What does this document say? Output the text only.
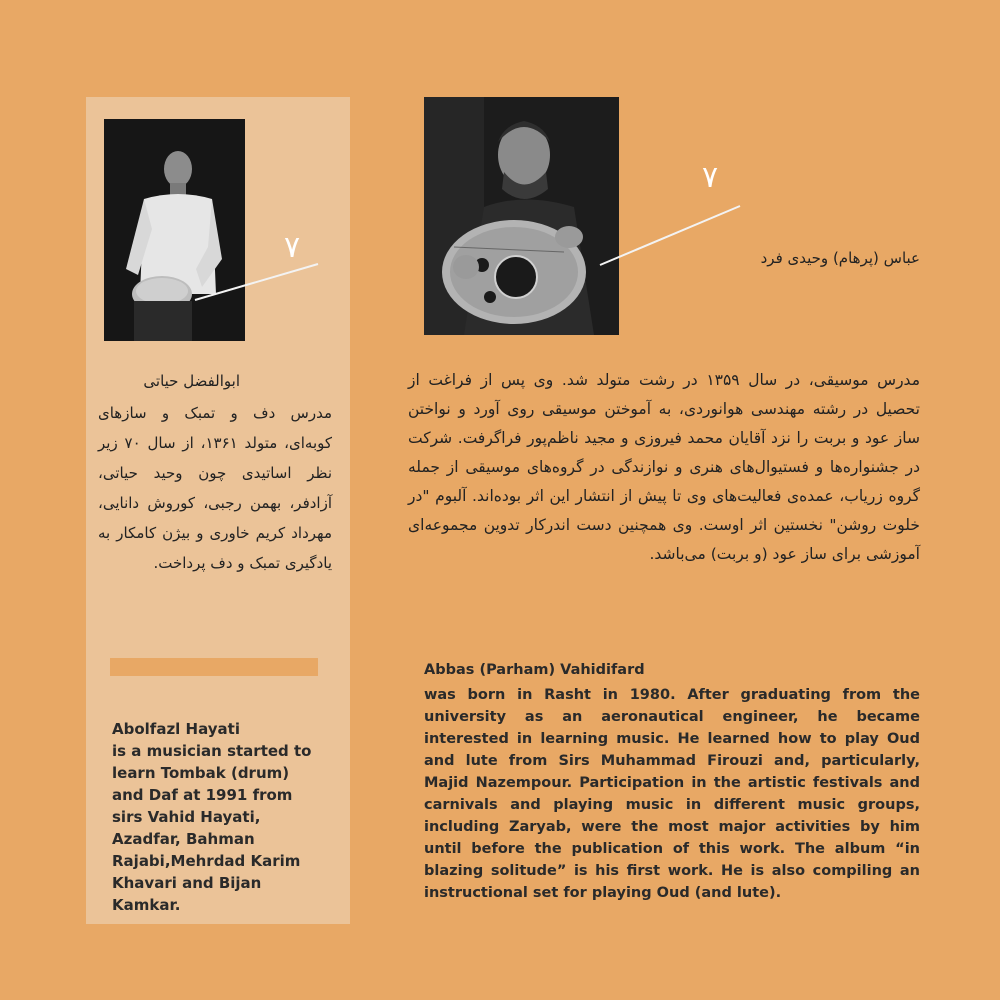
۷
۷
ابوالفضل حیاتی
مدرس دف و تمبک و سازهای کوبه‌ای، متولد ۱۳۶۱، از سال ۷۰ زیر نظر اساتیدی چون وحید حیاتی، آزادفر، بهمن رجبی، کوروش دانایی، مهرداد کریم خاوری و بیژن کامکار به یادگیری تمبک و دف پرداخت.

Abolfazl Hayati

is a musician started to learn Tombak (drum) and Daf at 1991 from sirs Vahid Hayati, Azadfar, Bahman Rajabi,Mehrdad Karim Khavari and Bijan Kamkar.

عباس (پرهام) وحیدی فرد
مدرس موسیقی، در سال ۱۳۵۹ در رشت متولد شد. وی پس از فراغت از تحصیل در رشته مهندسی هوانوردی، به آموختن موسیقی روی آورد و نواختن ساز عود و بربت را نزد آقایان محمد فیروزی و مجید ناظم‌پور فراگرفت. شرکت در جشنواره‌ها و فستیوال‌های هنری و نوازندگی در گروه‌های موسیقی از جمله گروه زریاب، عمده‌ی فعالیت‌های وی تا پیش از انتشار این اثر بوده‌اند. آلبوم "در خلوت روشن" نخستین اثر اوست. وی همچنین دست اندرکار تدوین مجموعه‌ای آموزشی برای ساز عود (و بربت) می‌باشد.
Abbas (Parham) Vahidifard
was born in Rasht in 1980. After graduating from the university as an aeronautical engineer, he became interested in learning music. He learned how to play Oud and lute from Sirs Muhammad Firouzi and, particularly, Majid Nazempour. Participation in the artistic festivals and carnivals and playing music in different music groups, including Zaryab, were the most major activities by him until before the publication of this work. The album “in blazing solitude” is his first work. He is also compiling an instructional set for playing Oud (and lute).
